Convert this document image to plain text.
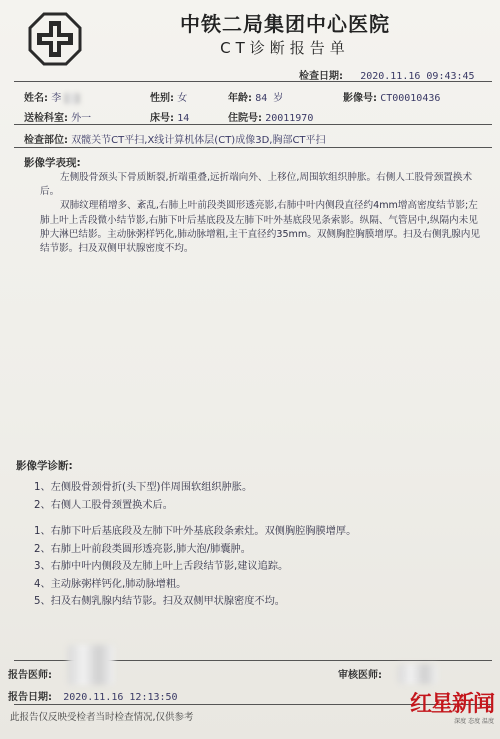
中铁二局集团中心医院
CT诊断报告单
检查日期: 2020.11.16 09:43:45
姓名: 李	性别: 女	年龄: 84 岁	影像号: CT00010436
送检科室: 外一	床号: 14	住院号: 20011970
检查部位: 双髋关节CT平扫,X线计算机体层(CT)成像3D,胸部CT平扫
影像学表现:

左侧股骨颈头下骨质断裂,折端重叠,远折端向外、上移位,周围软组织肿胀。右侧人工股骨颈置换术后。

双肺纹理稍增多、紊乱,右肺上叶前段类圆形透亮影,右肺中叶内侧段直径约4mm增高密度结节影;左肺上叶上舌段微小结节影,右肺下叶后基底段及左肺下叶外基底段见条索影。纵隔、气管居中,纵隔内未见肿大淋巴结影。主动脉粥样钙化,肺动脉增粗,主干直径约35mm。双侧胸腔胸膜增厚。扫及右侧乳腺内见结节影。扫及双侧甲状腺密度不均。

影像学诊断:
1、左侧股骨颈骨折(头下型)伴周围软组织肿胀。
2、右侧人工股骨颈置换术后。
1、右肺下叶后基底段及左肺下叶外基底段条索灶。双侧胸腔胸膜增厚。
2、右肺上叶前段类圆形透亮影,肺大泡/肺囊肿。
3、右肺中叶内侧段及左肺上叶上舌段结节影,建议追踪。
4、主动脉粥样钙化,肺动脉增粗。
5、扫及右侧乳腺内结节影。扫及双侧甲状腺密度不均。
报告医师:	审核医师:
报告日期: 2020.11.16 12:13:50
此报告仅反映受检者当时检查情况,仅供参考
红星新闻
深度 态度 温度
